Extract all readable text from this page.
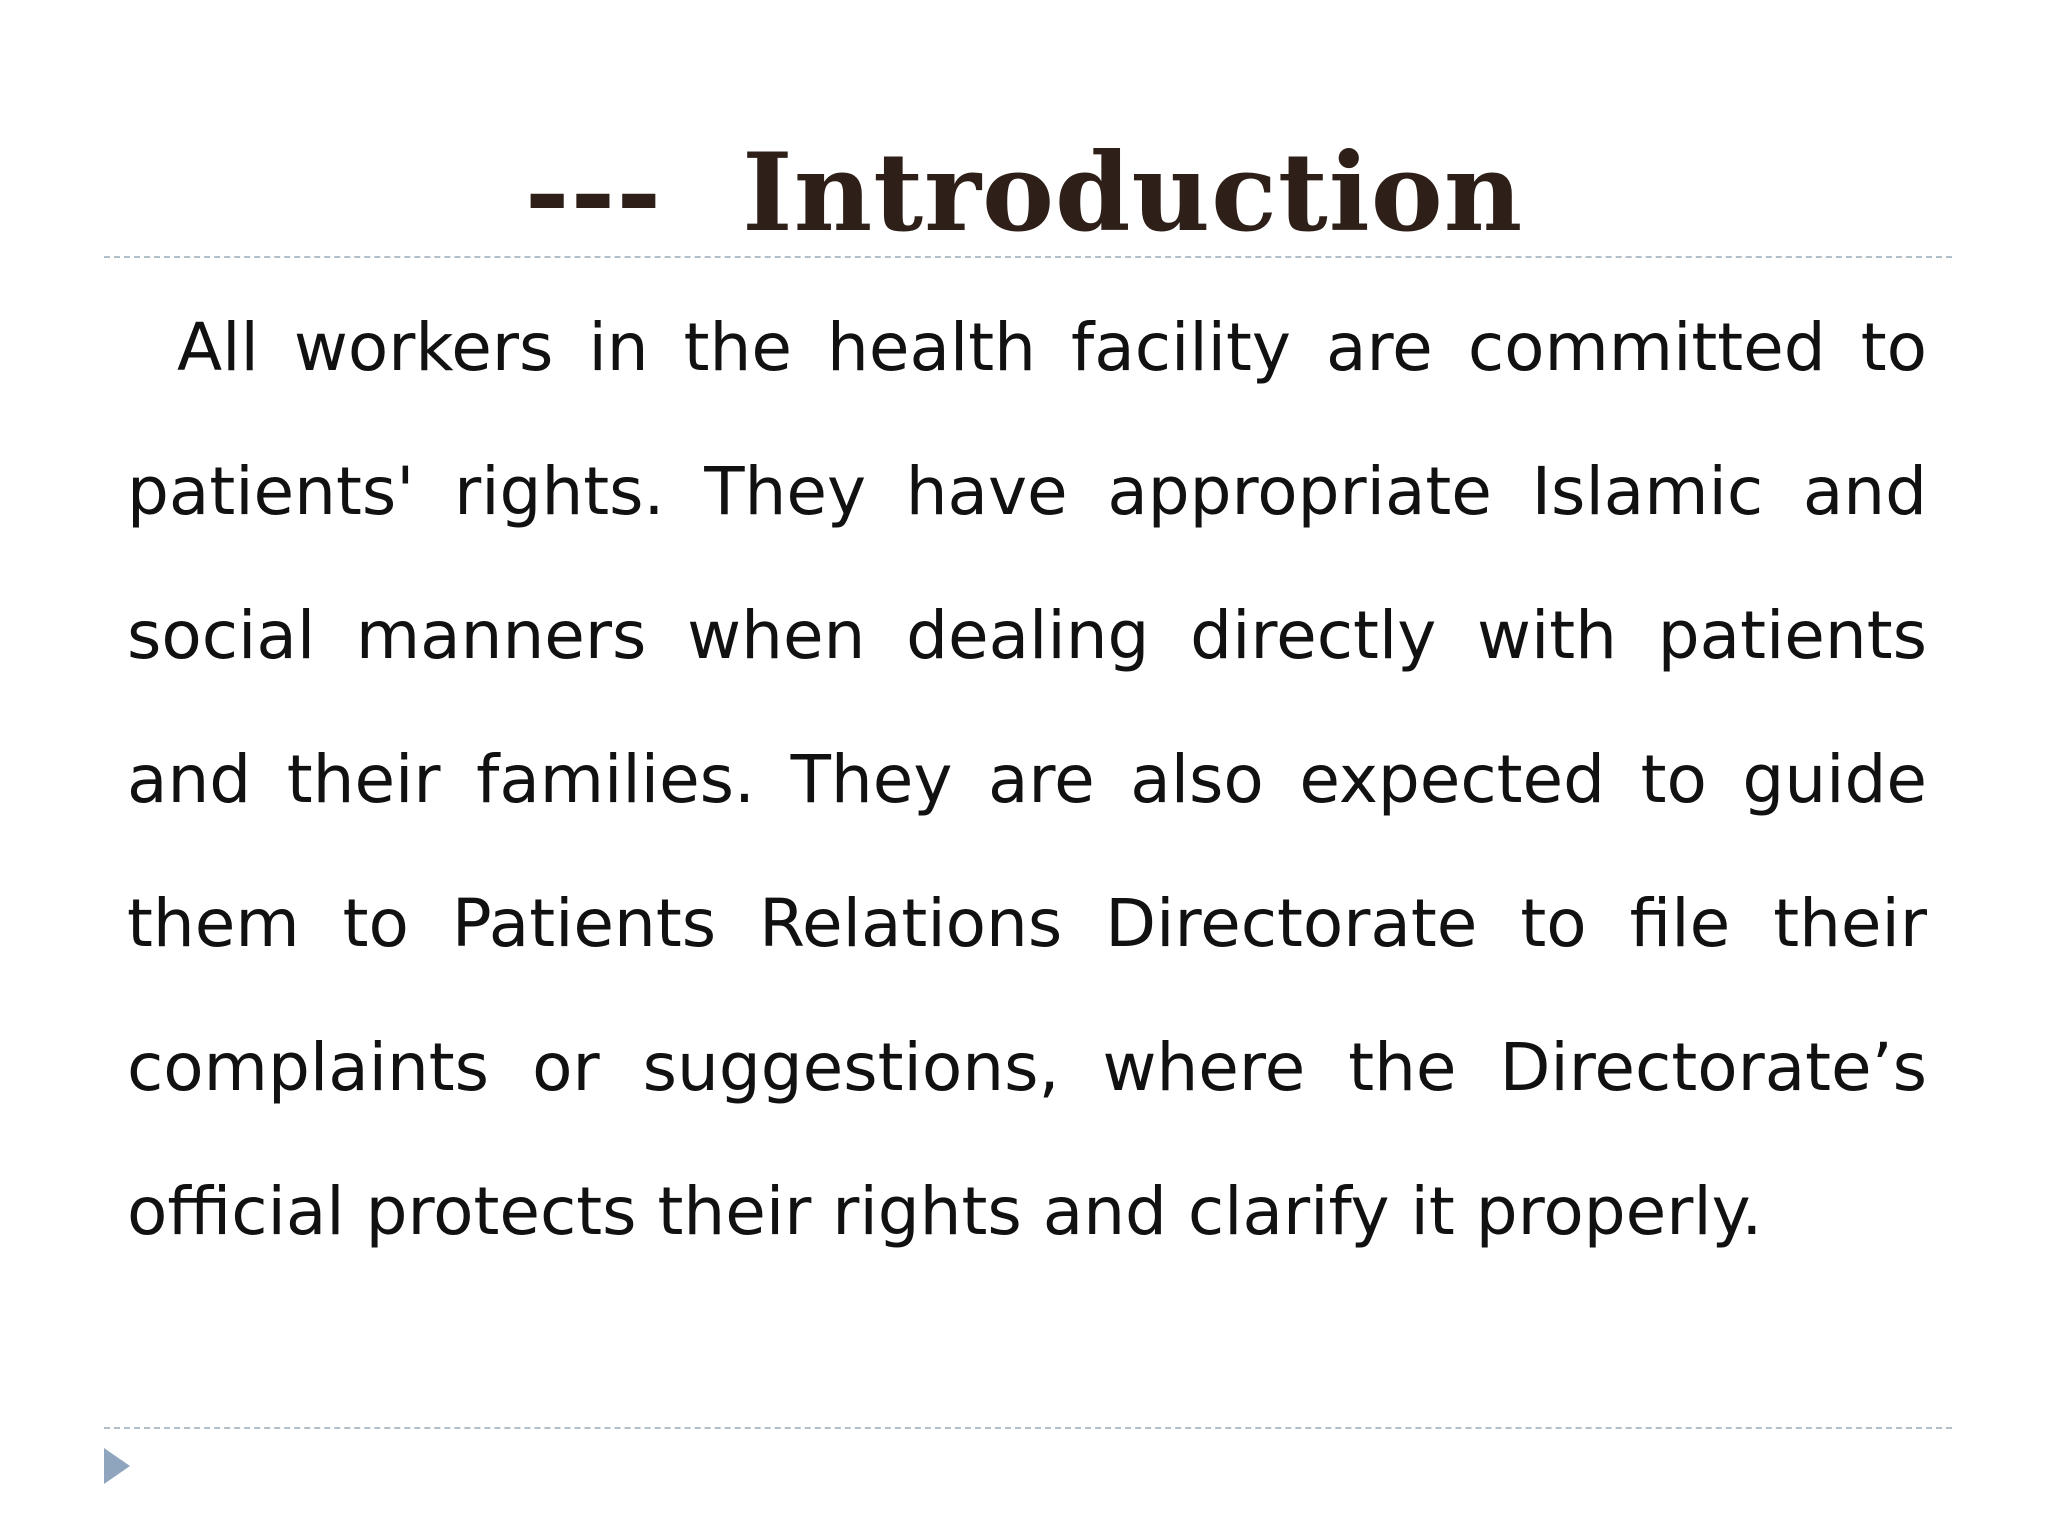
--- Introduction

All workers in the health facility are committed to patients' rights. They have appropriate Islamic and social manners when dealing directly with patients and their families. They are also expected to guide them to Patients Relations Directorate to file their complaints or suggestions, where the Directorate’s official protects their rights and clarify it properly.
